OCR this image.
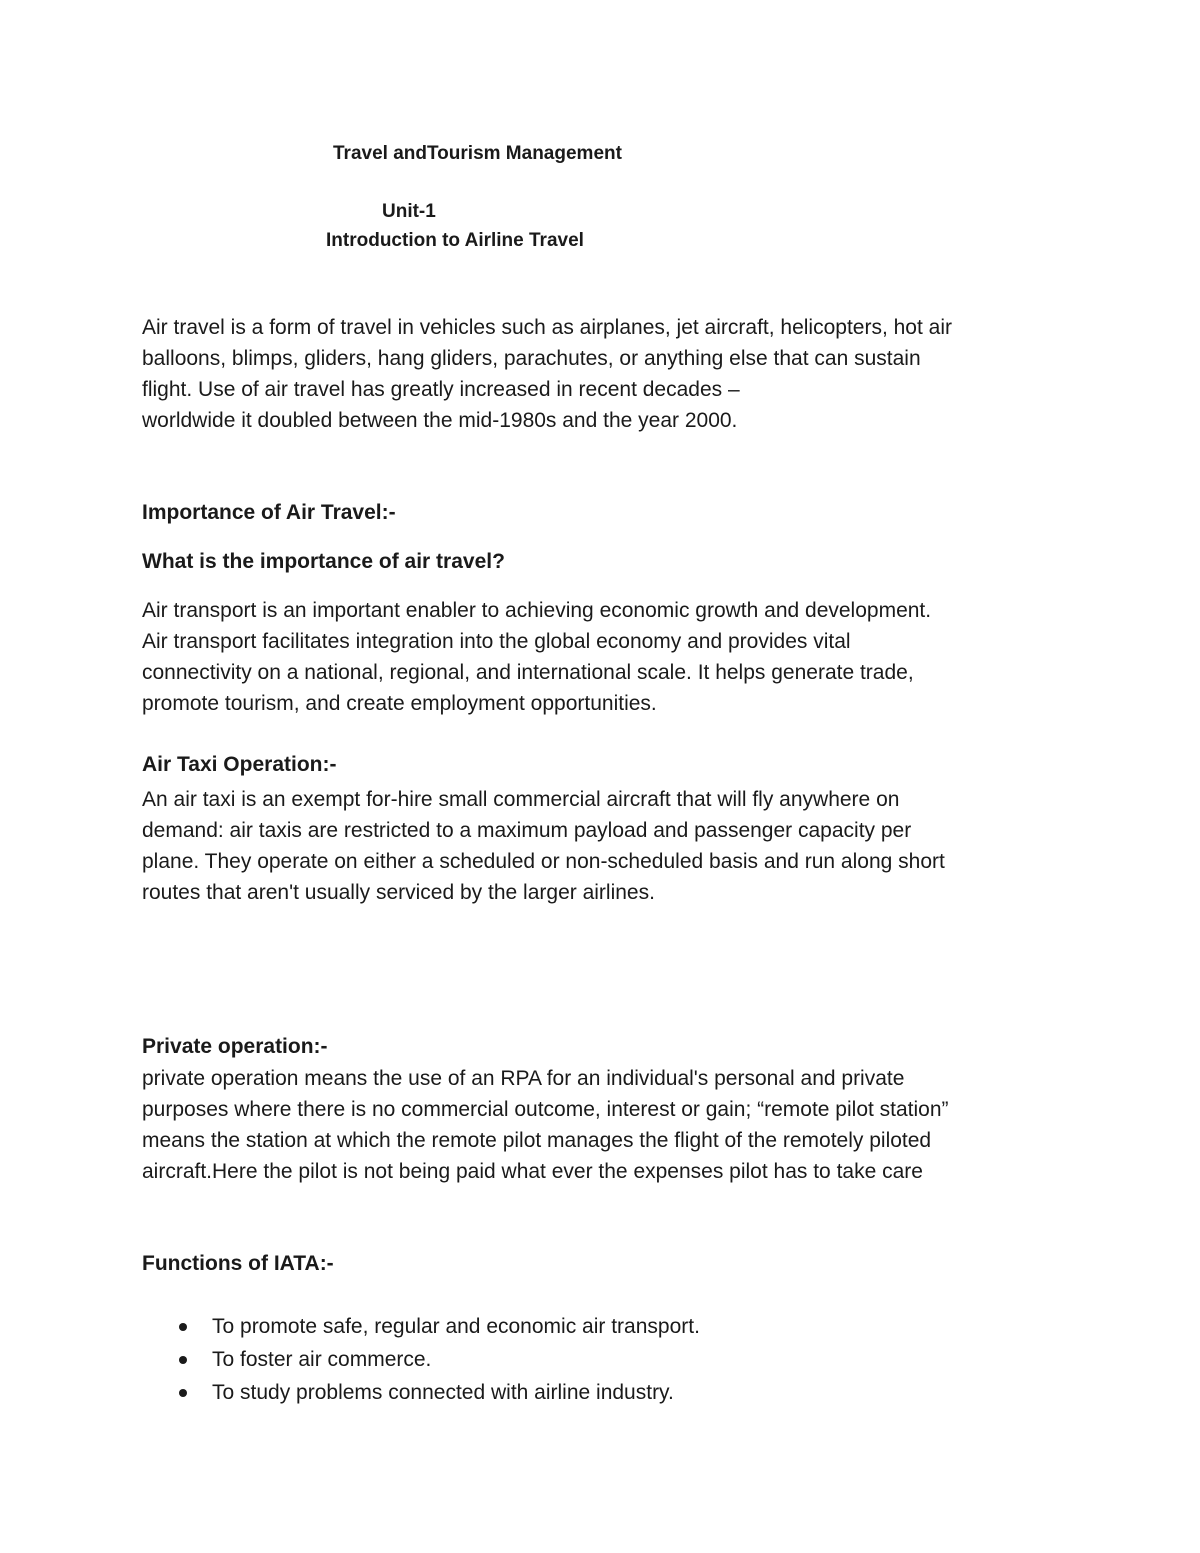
Travel andTourism Management
Unit-1
Introduction to Airline Travel
Air travel is a form of travel in vehicles such as airplanes, jet aircraft, helicopters, hot air
balloons, blimps, gliders, hang gliders, parachutes, or anything else that can sustain
flight. Use of air travel has greatly increased in recent decades –
worldwide it doubled between the mid-1980s and the year 2000.
Importance of Air Travel:-
What is the importance of air travel?
Air transport is an important enabler to achieving economic growth and development.
Air transport facilitates integration into the global economy and provides vital
connectivity on a national, regional, and international scale. It helps generate trade,
promote tourism, and create employment opportunities.
Air Taxi Operation:-
An air taxi is an exempt for-hire small commercial aircraft that will fly anywhere on
demand: air taxis are restricted to a maximum payload and passenger capacity per
plane. They operate on either a scheduled or non-scheduled basis and run along short
routes that aren't usually serviced by the larger airlines.
Private operation:-
private operation means the use of an RPA for an individual's personal and private
purposes where there is no commercial outcome, interest or gain; “remote pilot station”
means the station at which the remote pilot manages the flight of the remotely piloted
aircraft.Here the pilot is not being paid what ever the expenses pilot has to take care
Functions of IATA:-
To promote safe, regular and economic air transport.
To foster air commerce.
To study problems connected with airline industry.
